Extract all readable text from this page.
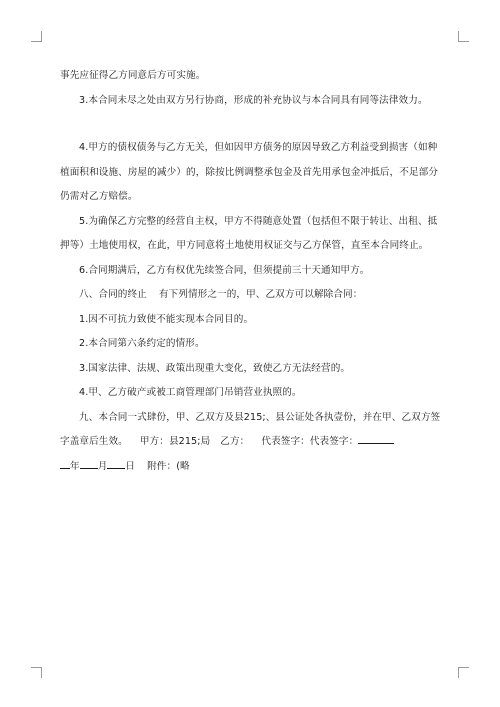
事先应征得乙方同意后方可实施。

3.本合同未尽之处由双方另行协商，形成的补充协议与本合同具有同等法律效力。

4.甲方的债权债务与乙方无关，但如因甲方债务的原因导致乙方利益受到损害（如种植面积和设施、房屋的减少）的，除按比例调整承包金及首先用承包金冲抵后，不足部分仍需对乙方赔偿。

5.为确保乙方完整的经营自主权，甲方不得随意处置（包括但不限于转让、出租、抵押等）土地使用权，在此，甲方同意将土地使用权证交与乙方保管，直至本合同终止。

6.合同期满后，乙方有权优先续签合同，但须提前三十天通知甲方。

八、合同的终止 有下列情形之一的，甲、乙双方可以解除合同：

1.因不可抗力致使不能实现本合同目的。

2.本合同第六条约定的情形。

3.国家法律、法规、政策出现重大变化，致使乙方无法经营的。

4.甲、乙方破产或被工商管理部门吊销营业执照的。

九、本合同一式肆份，甲、乙双方及县215;、县公证处各执壹份，并在甲、乙双方签字盖章后生效。 甲方：县215;局 乙方： 代表签字：代表签字：

年 月 日 附件：(略
